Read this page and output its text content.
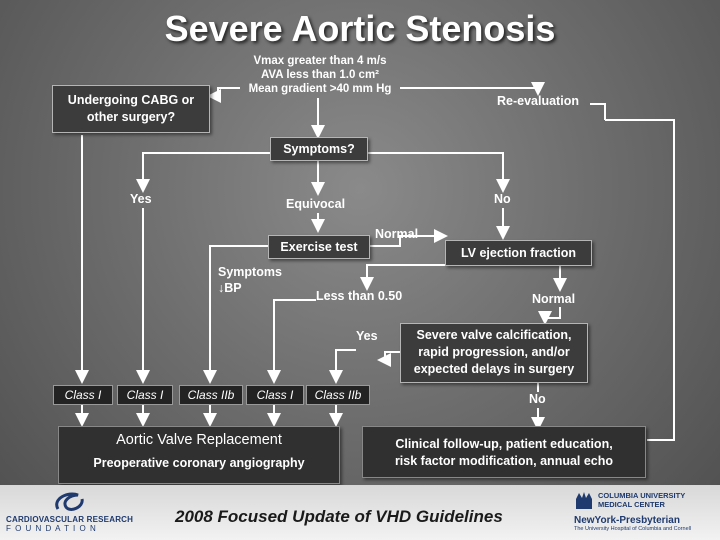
Severe Aortic Stenosis
Vmax greater than 4 m/s
AVA less than 1.0 cm²
Mean gradient >40 mm Hg
Undergoing CABG or
other surgery?
Re-evaluation
Symptoms?
Yes	Equivocal	No
Exercise test
Normal
LV ejection fraction
Symptoms
↓BP
Less than 0.50	Normal
Yes	Severe valve calcification,
rapid progression, and/or
expected delays in surgery
No
Class I	Class I	Class IIb	Class I	Class IIb
Aortic Valve Replacement
Preoperative coronary angiography
Clinical follow-up, patient education,
risk factor modification, annual echo
2008 Focused Update of VHD Guidelines
CARDIOVASCULAR RESEARCH
F O U N D A T I O N
COLUMBIA UNIVERSITY
MEDICAL CENTER
NewYork-Presbyterian
The University Hospital of Columbia and Cornell
